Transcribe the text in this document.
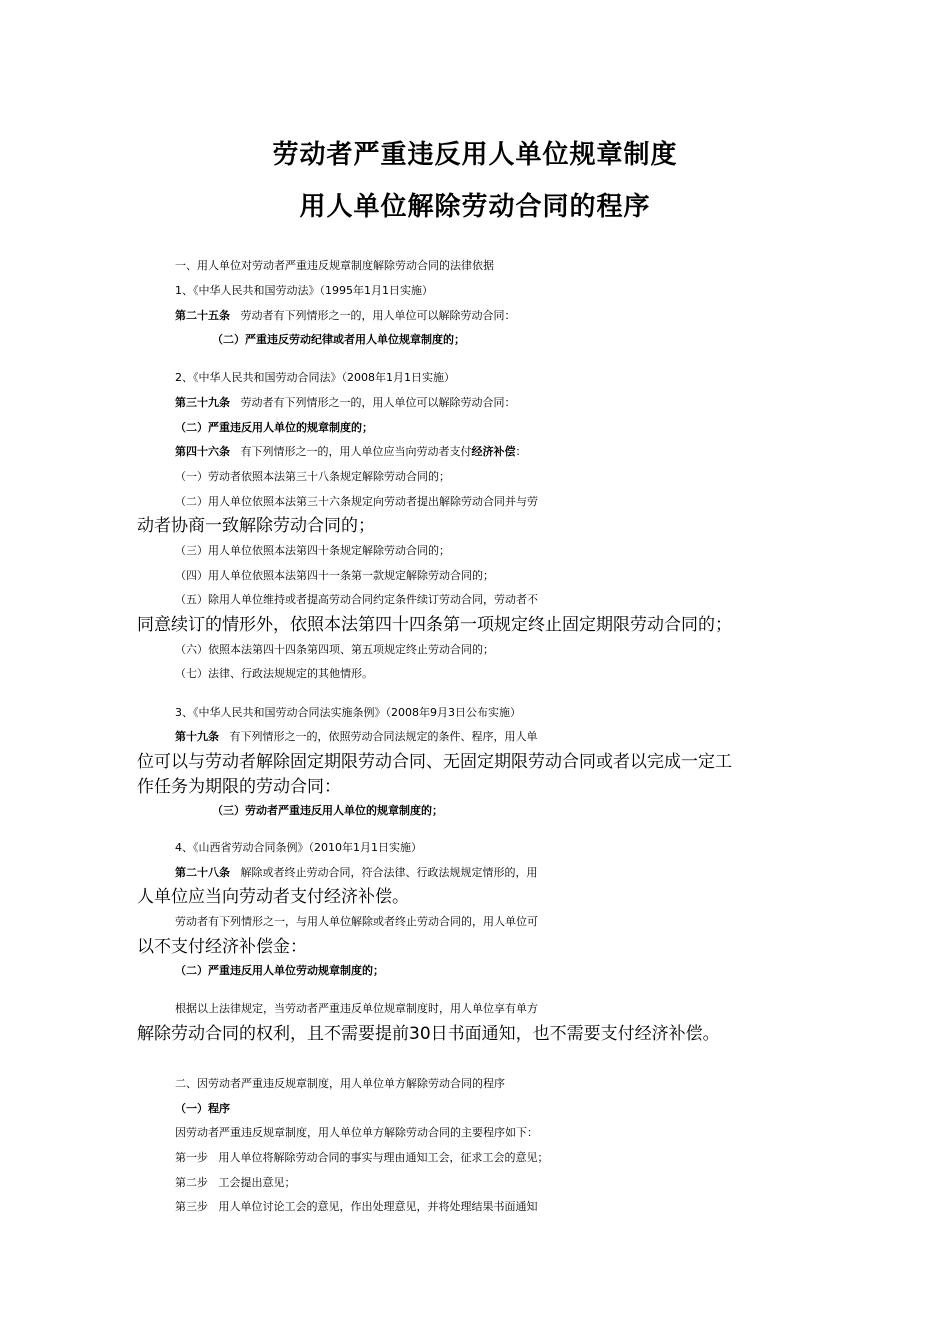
劳动者严重违反用人单位规章制度
用人单位解除劳动合同的程序
一、用人单位对劳动者严重违反规章制度解除劳动合同的法律依据
1、《中华人民共和国劳动法》（1995年1月1日实施）
第二十五条 劳动者有下列情形之一的，用人单位可以解除劳动合同：
（二）严重违反劳动纪律或者用人单位规章制度的；
2、《中华人民共和国劳动合同法》（2008年1月1日实施）
第三十九条 劳动者有下列情形之一的，用人单位可以解除劳动合同：
（二）严重违反用人单位的规章制度的；
第四十六条 有下列情形之一的，用人单位应当向劳动者支付经济补偿：
（一）劳动者依照本法第三十八条规定解除劳动合同的；
（二）用人单位依照本法第三十六条规定向劳动者提出解除劳动合同并与劳
动者协商一致解除劳动合同的；
（三）用人单位依照本法第四十条规定解除劳动合同的；
（四）用人单位依照本法第四十一条第一款规定解除劳动合同的；
（五）除用人单位维持或者提高劳动合同约定条件续订劳动合同，劳动者不
同意续订的情形外，依照本法第四十四条第一项规定终止固定期限劳动合同的；
（六）依照本法第四十四条第四项、第五项规定终止劳动合同的；
（七）法律、行政法规规定的其他情形。
3、《中华人民共和国劳动合同法实施条例》（2008年9月3日公布实施）
第十九条 有下列情形之一的，依照劳动合同法规定的条件、程序，用人单
位可以与劳动者解除固定期限劳动合同、无固定期限劳动合同或者以完成一定工
作任务为期限的劳动合同：
（三）劳动者严重违反用人单位的规章制度的；
4、《山西省劳动合同条例》（2010年1月1日实施）
第二十八条 解除或者终止劳动合同，符合法律、行政法规规定情形的，用
人单位应当向劳动者支付经济补偿。
劳动者有下列情形之一，与用人单位解除或者终止劳动合同的，用人单位可
以不支付经济补偿金：
（二）严重违反用人单位劳动规章制度的；
根据以上法律规定，当劳动者严重违反单位规章制度时，用人单位享有单方
解除劳动合同的权利，且不需要提前30日书面通知，也不需要支付经济补偿。
二、因劳动者严重违反规章制度，用人单位单方解除劳动合同的程序
（一）程序
因劳动者严重违反规章制度，用人单位单方解除劳动合同的主要程序如下：
第一步 用人单位将解除劳动合同的事实与理由通知工会，征求工会的意见；
第二步 工会提出意见；
第三步 用人单位讨论工会的意见，作出处理意见，并将处理结果书面通知
